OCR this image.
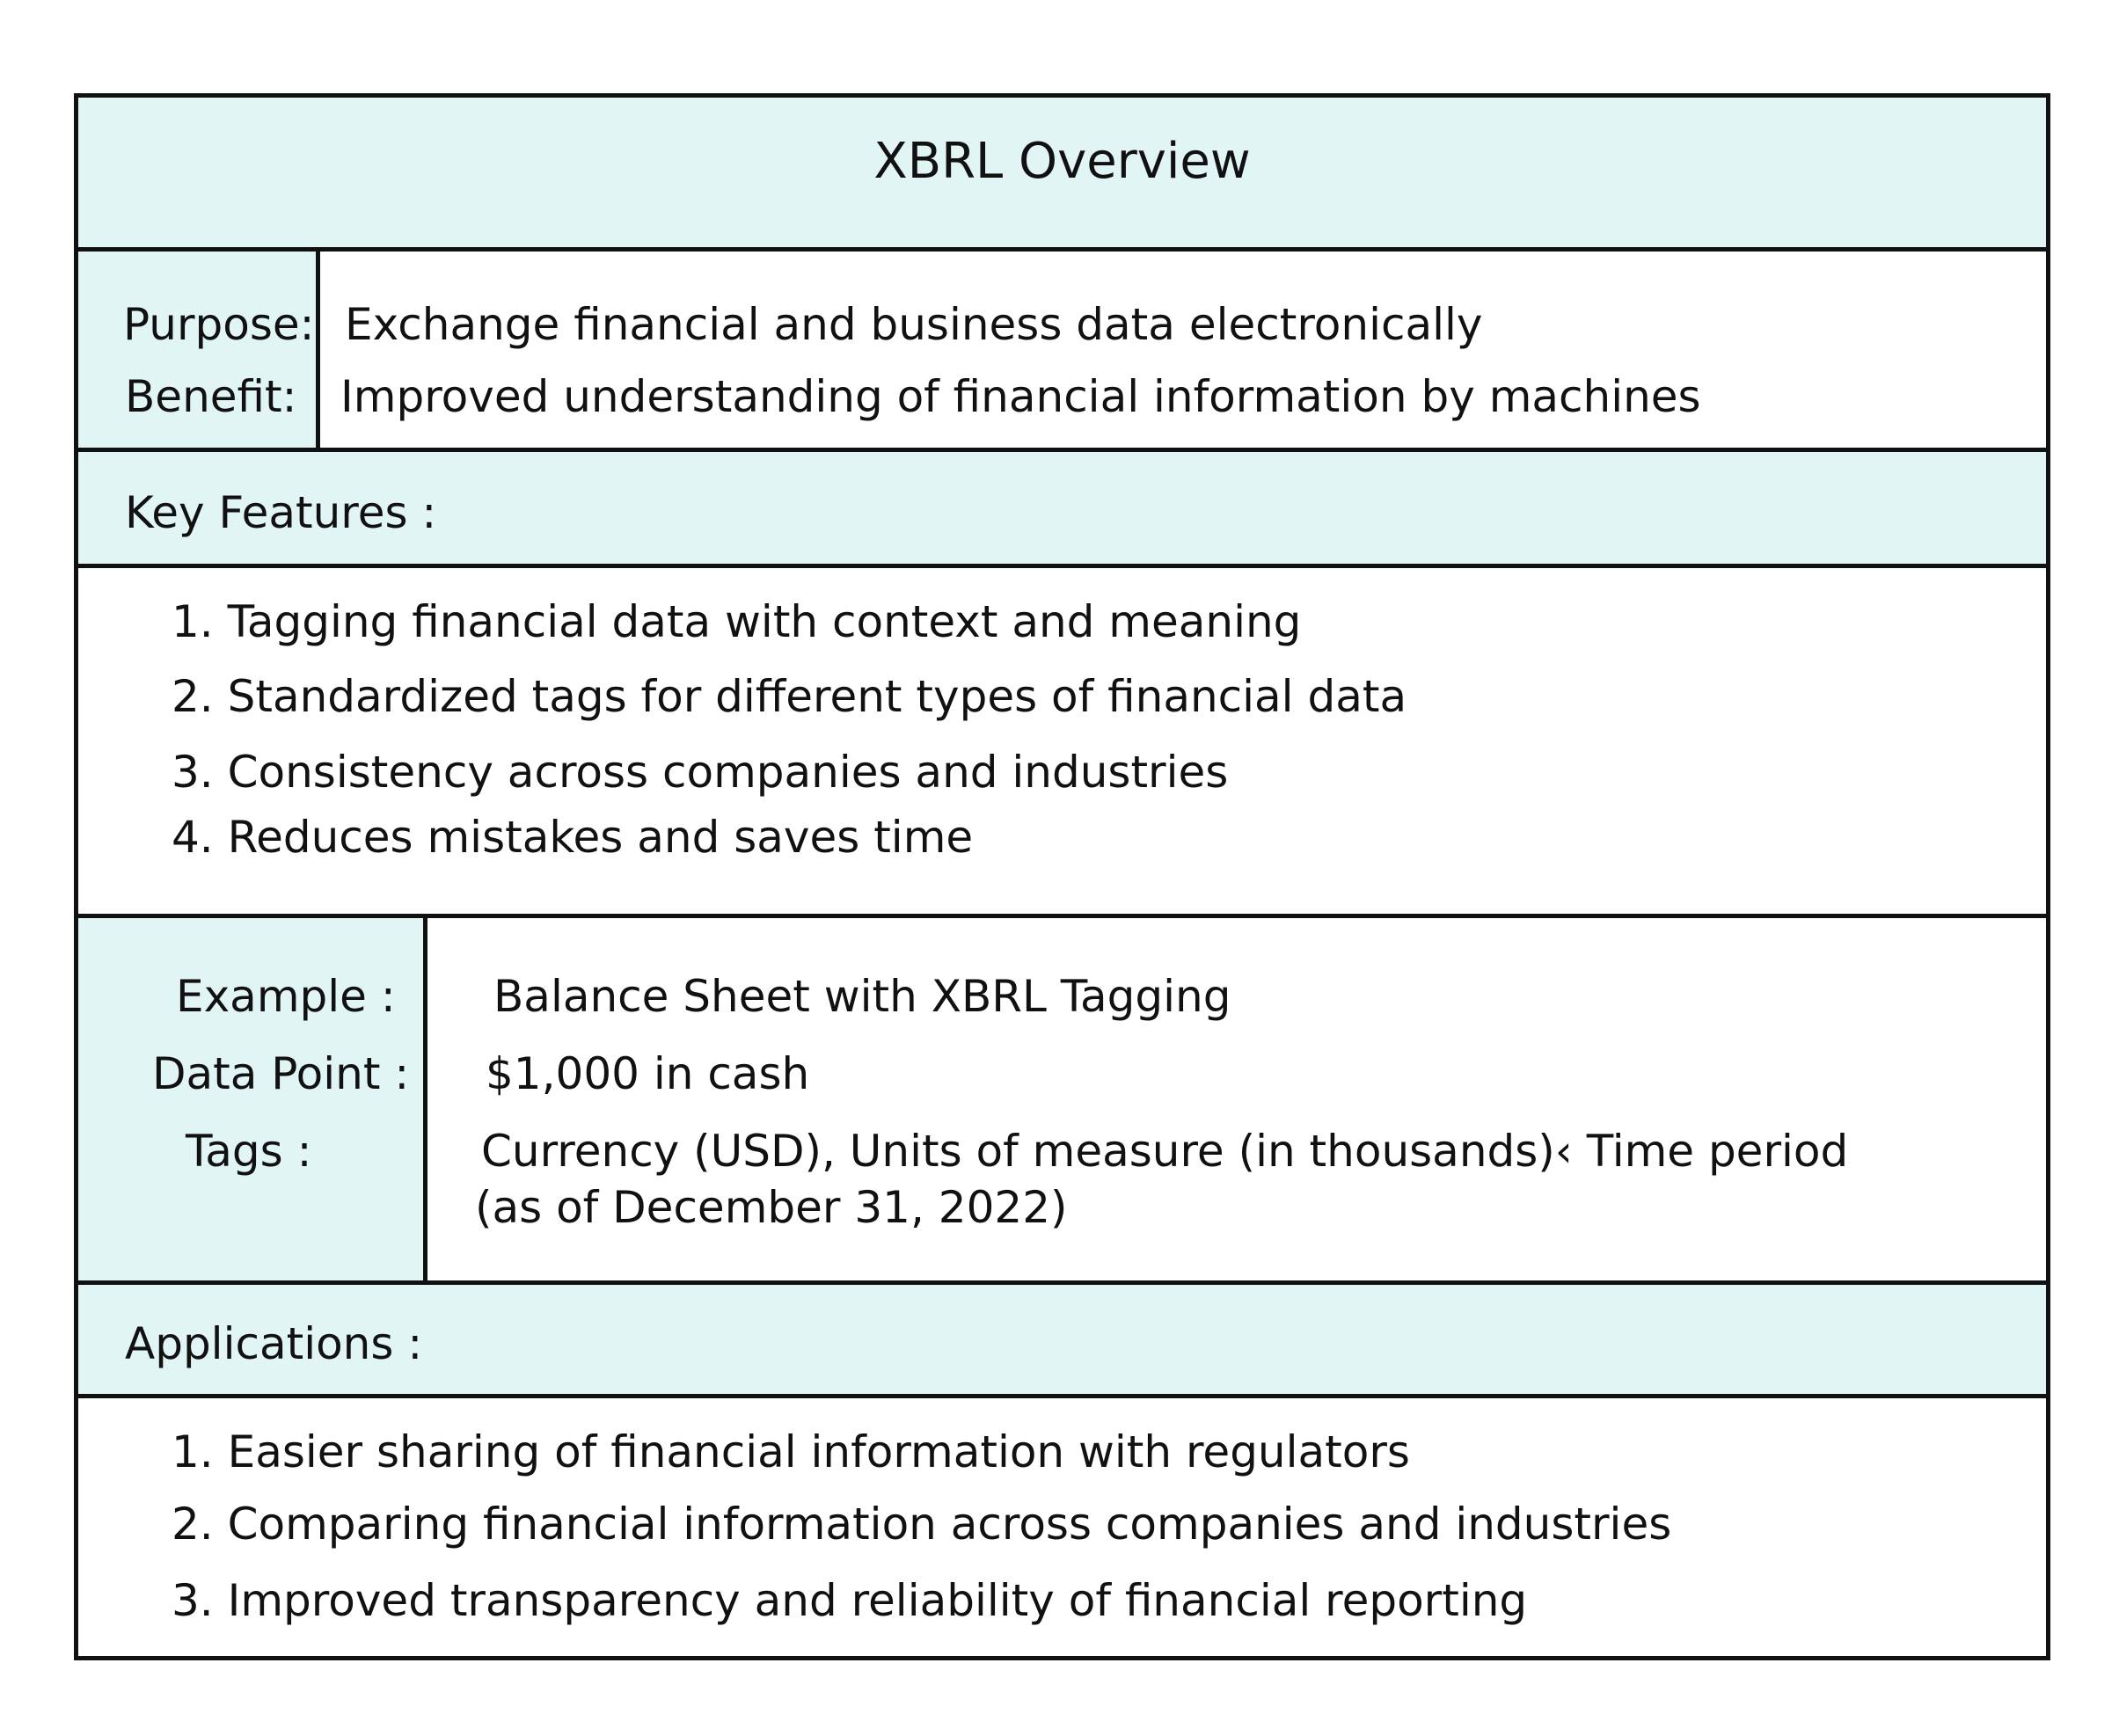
XBRL Overview
Purpose: Exchange financial and business data electronically
Benefit: Improved understanding of financial information by machines
Key Features :
1. Tagging financial data with context and meaning
2. Standardized tags for different types of financial data
3. Consistency across companies and industries
4. Reduces mistakes and saves time
Example : Balance Sheet with XBRL Tagging
Data Point : $1,000 in cash
Tags :	Currency (USD), Units of measure (in thousands)‹ Time period
(as of December 31, 2022)
Applications :
1. Easier sharing of financial information with regulators
2. Comparing financial information across companies and industries
3. Improved transparency and reliability of financial reporting
